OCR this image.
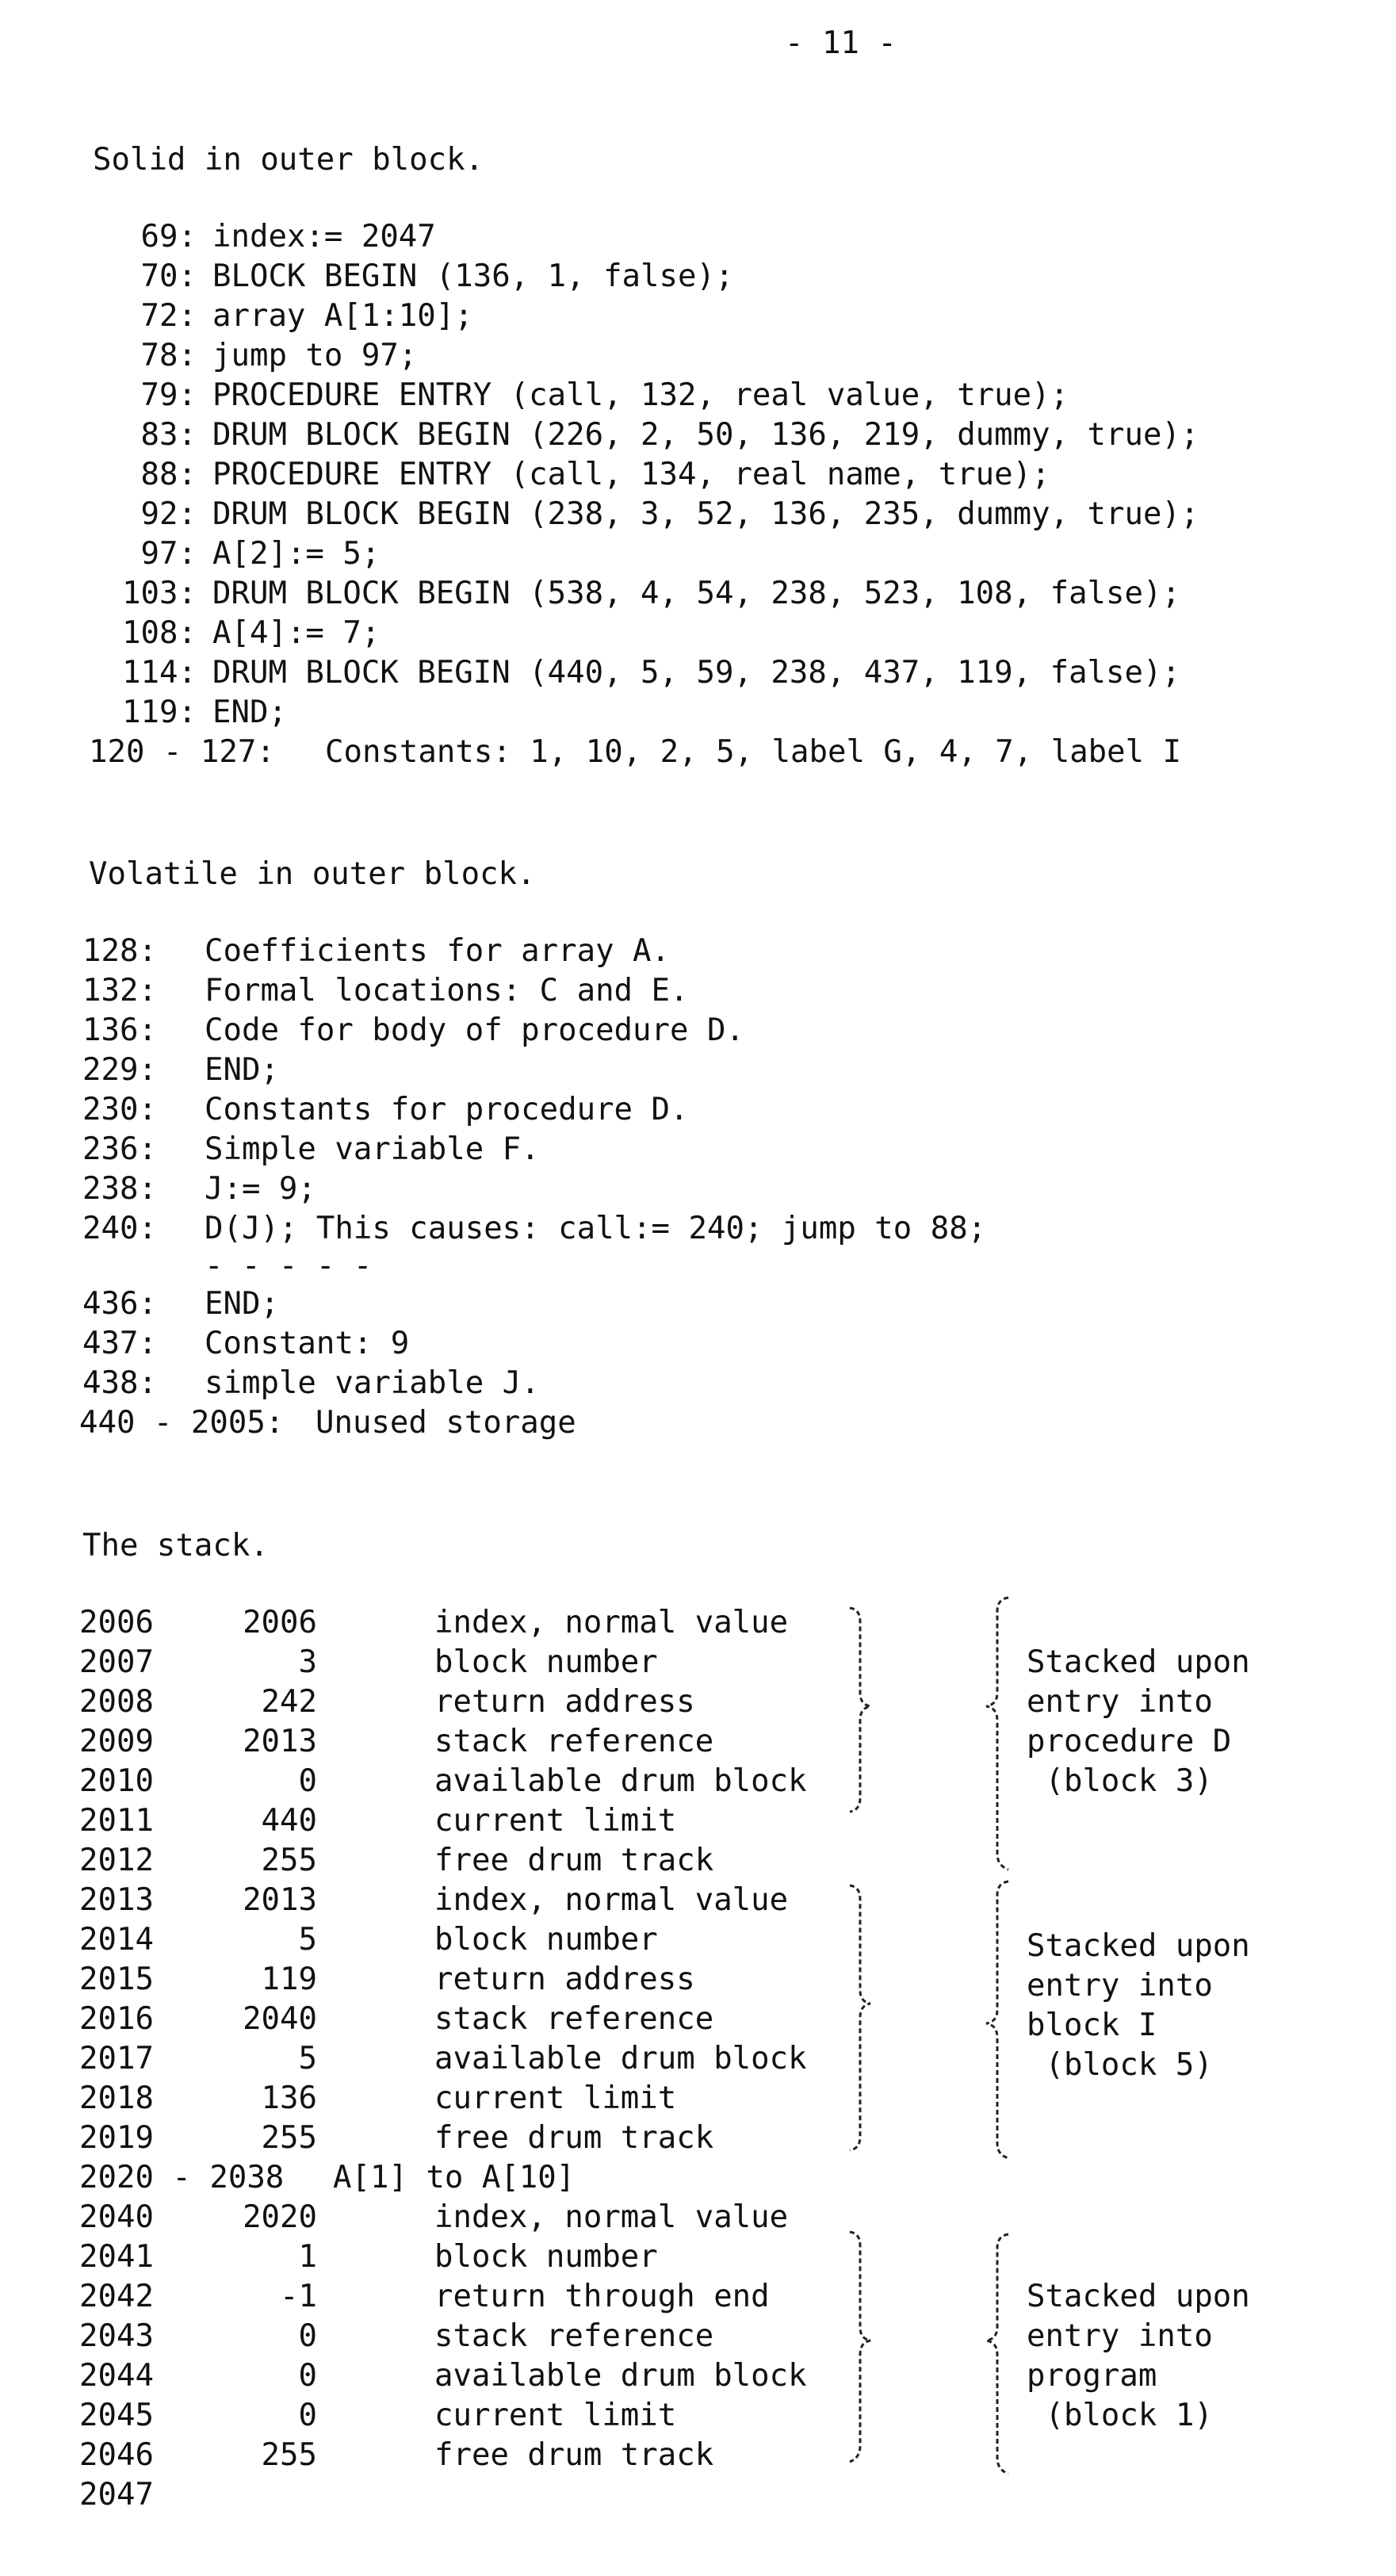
- 11 -
Solid in outer block.
69: index:= 2047
70: BLOCK BEGIN (136, 1, false);
72: array A[1:10];
78: jump to 97;
79: PROCEDURE ENTRY (call, 132, real value, true);
83: DRUM BLOCK BEGIN (226, 2, 50, 136, 219, dummy, true);
88: PROCEDURE ENTRY (call, 134, real name, true);
92: DRUM BLOCK BEGIN (238, 3, 52, 136, 235, dummy, true);
97: A[2]:= 5;
103: DRUM BLOCK BEGIN (538, 4, 54, 238, 523, 108, false);
108: A[4]:= 7;
114: DRUM BLOCK BEGIN (440, 5, 59, 238, 437, 119, false);
119: END;
120 - 127: Constants: 1, 10, 2, 5, label G, 4, 7, label I
Volatile in outer block.
128: Coefficients for array A.
132: Formal locations: C and E.
136: Code for body of procedure D.
229: END;
230: Constants for procedure D.
236: Simple variable F.
238: J:= 9;
240: D(J); This causes: call:= 240; jump to 88;
- - - - -
436: END;
437: Constant: 9
438: simple variable J.
440 - 2005: Unused storage
The stack.
2006	2006	index, normal value
2007	3	block number
2008	242	return address
2009	2013	stack reference
2010	0	available drum block
2011	440	current limit
2012	255	free drum track
2013	2013	index, normal value
2014	5	block number
2015	119	return address
2016	2040	stack reference
2017	5	available drum block
2018	136	current limit
2019	255	free drum track
2020 - 2038 A[1] to A[10]
2040	2020	index, normal value
2041	1	block number
2042	-1	return through end
2043	0	stack reference
2044	0	available drum block
2045	0	current limit
2046	255	free drum track
2047
Stacked upon
entry into
procedure D
(block 3)
Stacked upon
entry into
block I
(block 5)
Stacked upon
entry into
program
(block 1)
